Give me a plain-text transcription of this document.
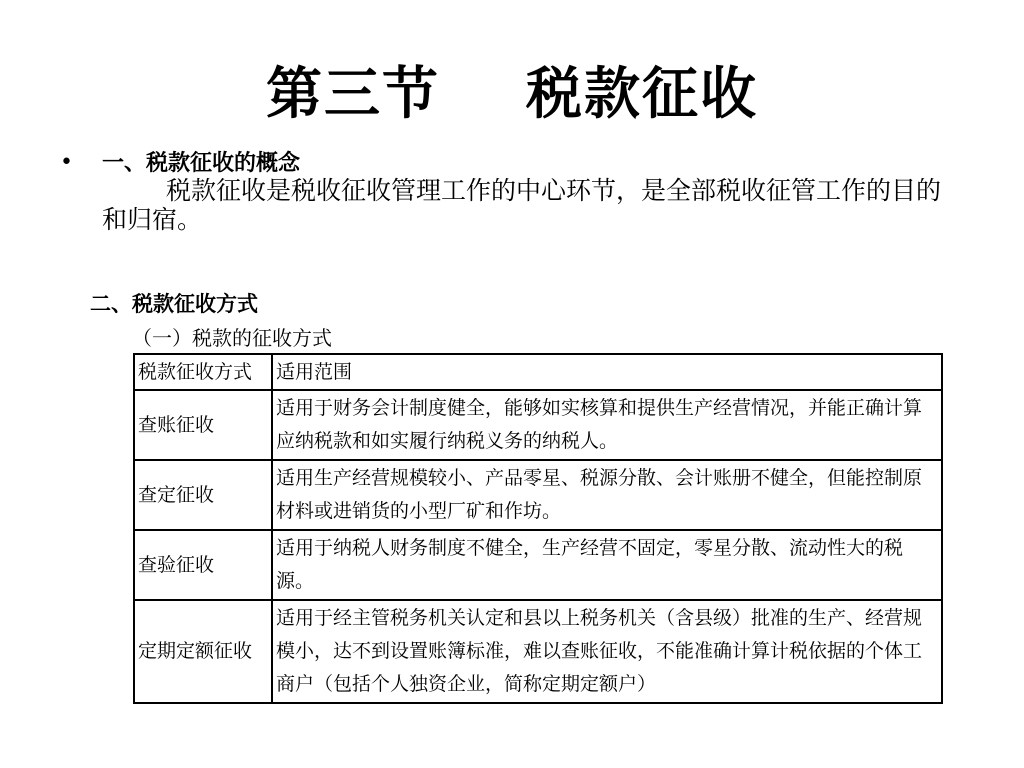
第三节    税款征收
• 一、税款征收的概念
税款征收是税收征收管理工作的中心环节，是全部税收征管工作的目的和归宿。
二、税款征收方式
（一）税款的征收方式
税款征收方式	适用范围
查账征收	适用于财务会计制度健全，能够如实核算和提供生产经营情况，并能正确计算应纳税款和如实履行纳税义务的纳税人。
查定征收	适用生产经营规模较小、产品零星、税源分散、会计账册不健全，但能控制原材料或进销货的小型厂矿和作坊。
查验征收	适用于纳税人财务制度不健全，生产经营不固定，零星分散、流动性大的税源。
定期定额征收	适用于经主管税务机关认定和县以上税务机关（含县级）批准的生产、经营规模小，达不到设置账簿标准，难以查账征收，不能准确计算计税依据的个体工商户（包括个人独资企业，简称定期定额户）
